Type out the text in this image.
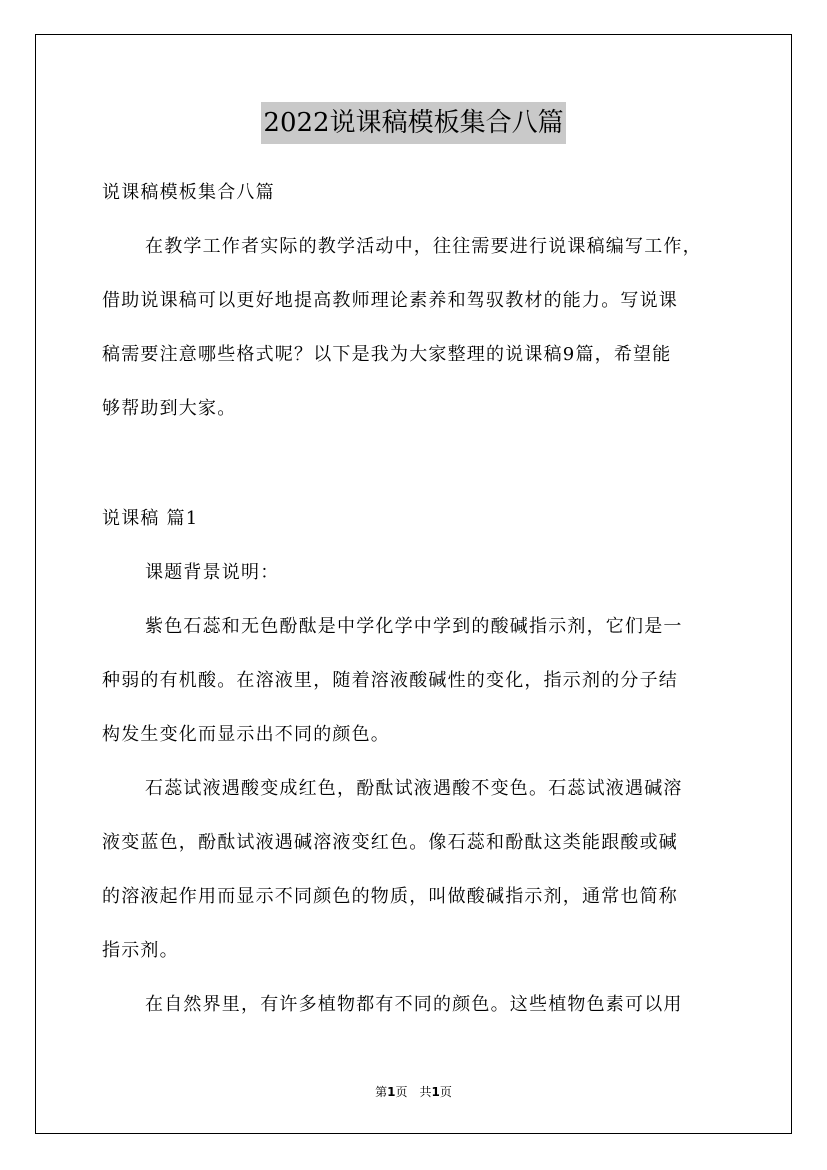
2022说课稿模板集合八篇
说课稿模板集合八篇
在教学工作者实际的教学活动中，往往需要进行说课稿编写工作，
借助说课稿可以更好地提高教师理论素养和驾驭教材的能力。写说课
稿需要注意哪些格式呢？以下是我为大家整理的说课稿9篇，希望能
够帮助到大家。
说课稿 篇1
课题背景说明：
紫色石蕊和无色酚酞是中学化学中学到的酸碱指示剂，它们是一
种弱的有机酸。在溶液里，随着溶液酸碱性的变化，指示剂的分子结
构发生变化而显示出不同的颜色。
石蕊试液遇酸变成红色，酚酞试液遇酸不变色。石蕊试液遇碱溶
液变蓝色，酚酞试液遇碱溶液变红色。像石蕊和酚酞这类能跟酸或碱
的溶液起作用而显示不同颜色的物质，叫做酸碱指示剂，通常也简称
指示剂。
在自然界里，有许多植物都有不同的颜色。这些植物色素可以用
第1页 共1页
